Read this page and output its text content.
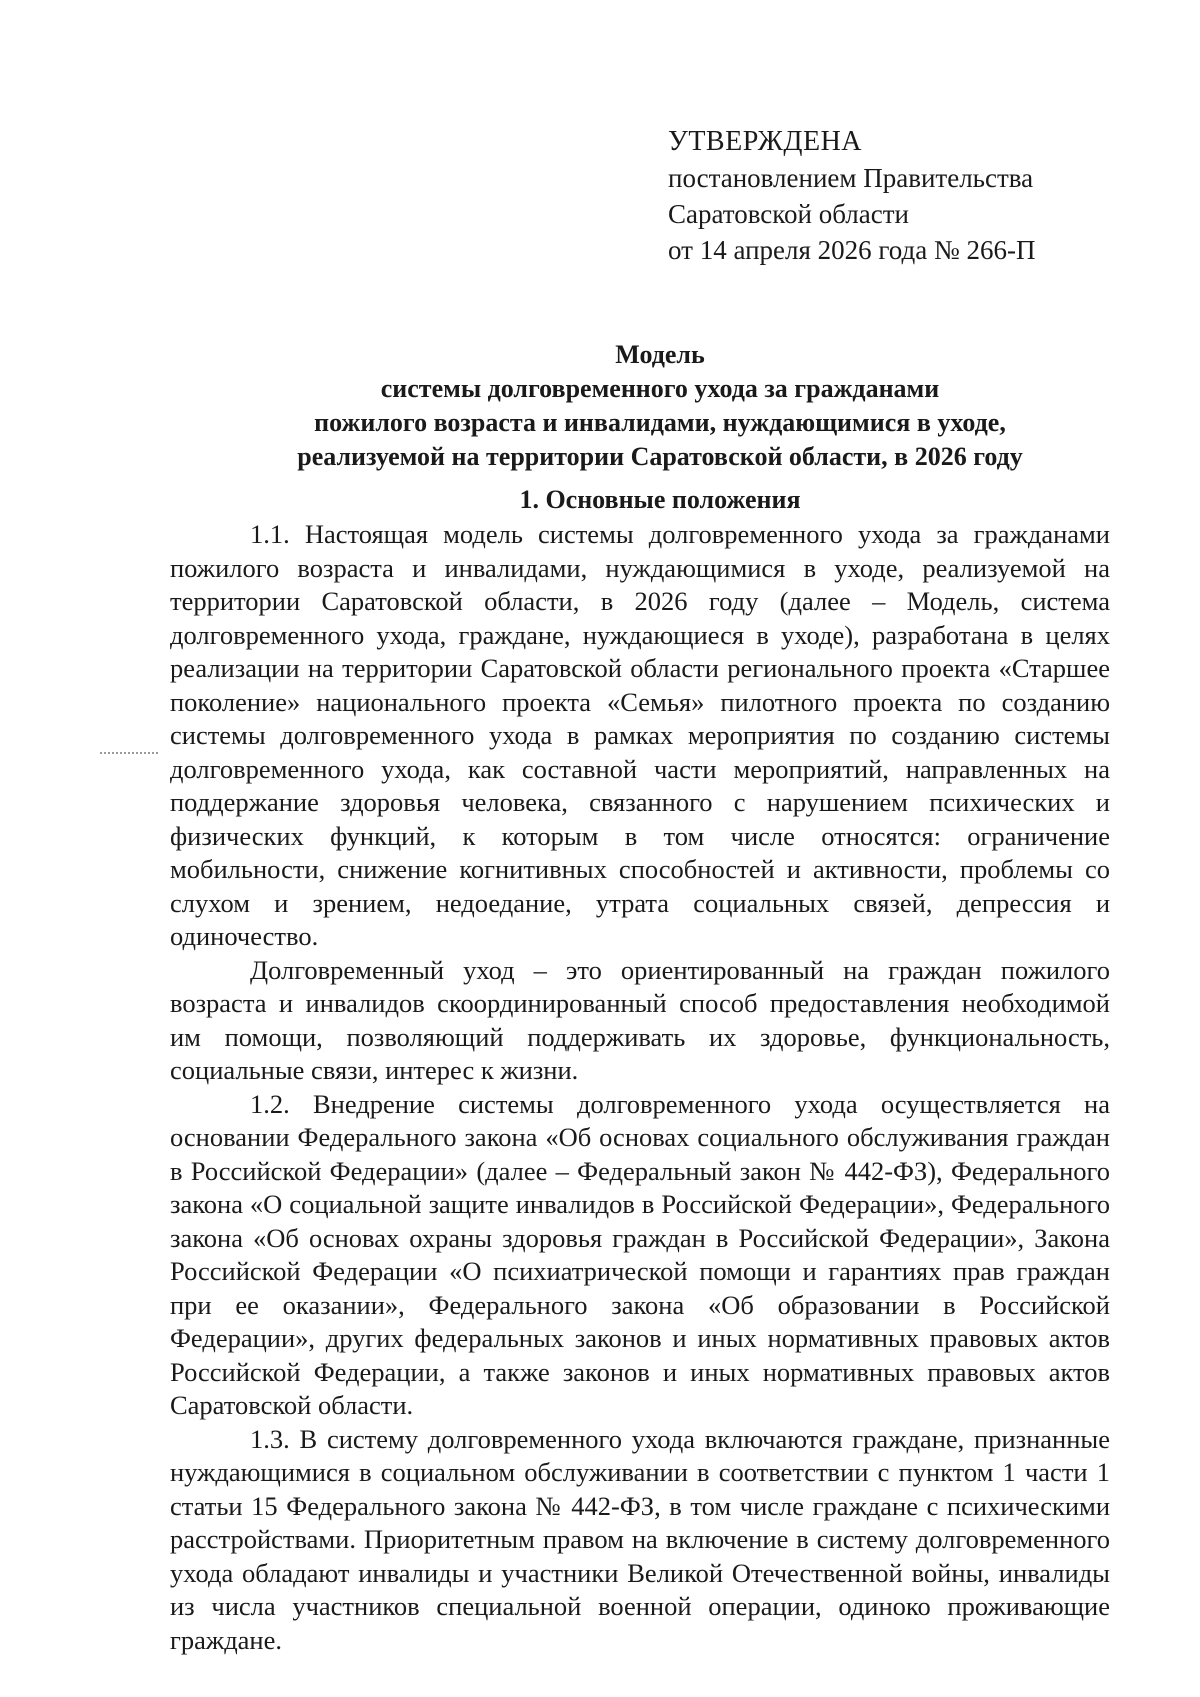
УТВЕРЖДЕНА
постановлением Правительства
Саратовской области
от 14 апреля 2026 года № 266-П
Модель
системы долговременного ухода за гражданами
пожилого возраста и инвалидами, нуждающимися в уходе,
реализуемой на территории Саратовской области, в 2026 году
1. Основные положения

1.1. Настоящая модель системы долговременного ухода за гражданами пожилого возраста и инвалидами, нуждающимися в уходе, реализуемой на территории Саратовской области, в 2026 году (далее – Модель, система долговременного ухода, граждане, нуждающиеся в уходе), разработана в целях реализации на территории Саратовской области регионального проекта «Старшее поколение» национального проекта «Семья» пилотного проекта по созданию системы долговременного ухода в рамках мероприятия по созданию системы долговременного ухода, как составной части мероприятий, направленных на поддержание здоровья человека, связанного с нарушением психических и физических функций, к которым в том числе относятся: ограничение мобильности, снижение когнитивных способностей и активности, проблемы со слухом и зрением, недоедание, утрата социальных связей, депрессия и одиночество.

Долговременный уход – это ориентированный на граждан пожилого возраста и инвалидов скоординированный способ предоставления необходимой им помощи, позволяющий поддерживать их здоровье, функциональность, социальные связи, интерес к жизни.

1.2. Внедрение системы долговременного ухода осуществляется на основании Федерального закона «Об основах социального обслуживания граждан в Российской Федерации» (далее – Федеральный закон № 442-ФЗ), Федерального закона «О социальной защите инвалидов в Российской Федерации», Федерального закона «Об основах охраны здоровья граждан в Российской Федерации», Закона Российской Федерации «О психиатрической помощи и гарантиях прав граждан при ее оказании», Федерального закона «Об образовании в Российской Федерации», других федеральных законов и иных нормативных правовых актов Российской Федерации, а также законов и иных нормативных правовых актов Саратовской области.

1.3. В систему долговременного ухода включаются граждане, признанные нуждающимися в социальном обслуживании в соответствии с пунктом 1 части 1 статьи 15 Федерального закона № 442-ФЗ, в том числе граждане с психическими расстройствами. Приоритетным правом на включение в систему долговременного ухода обладают инвалиды и участники Великой Отечественной войны, инвалиды из числа участников специальной военной операции, одиноко проживающие граждане.
